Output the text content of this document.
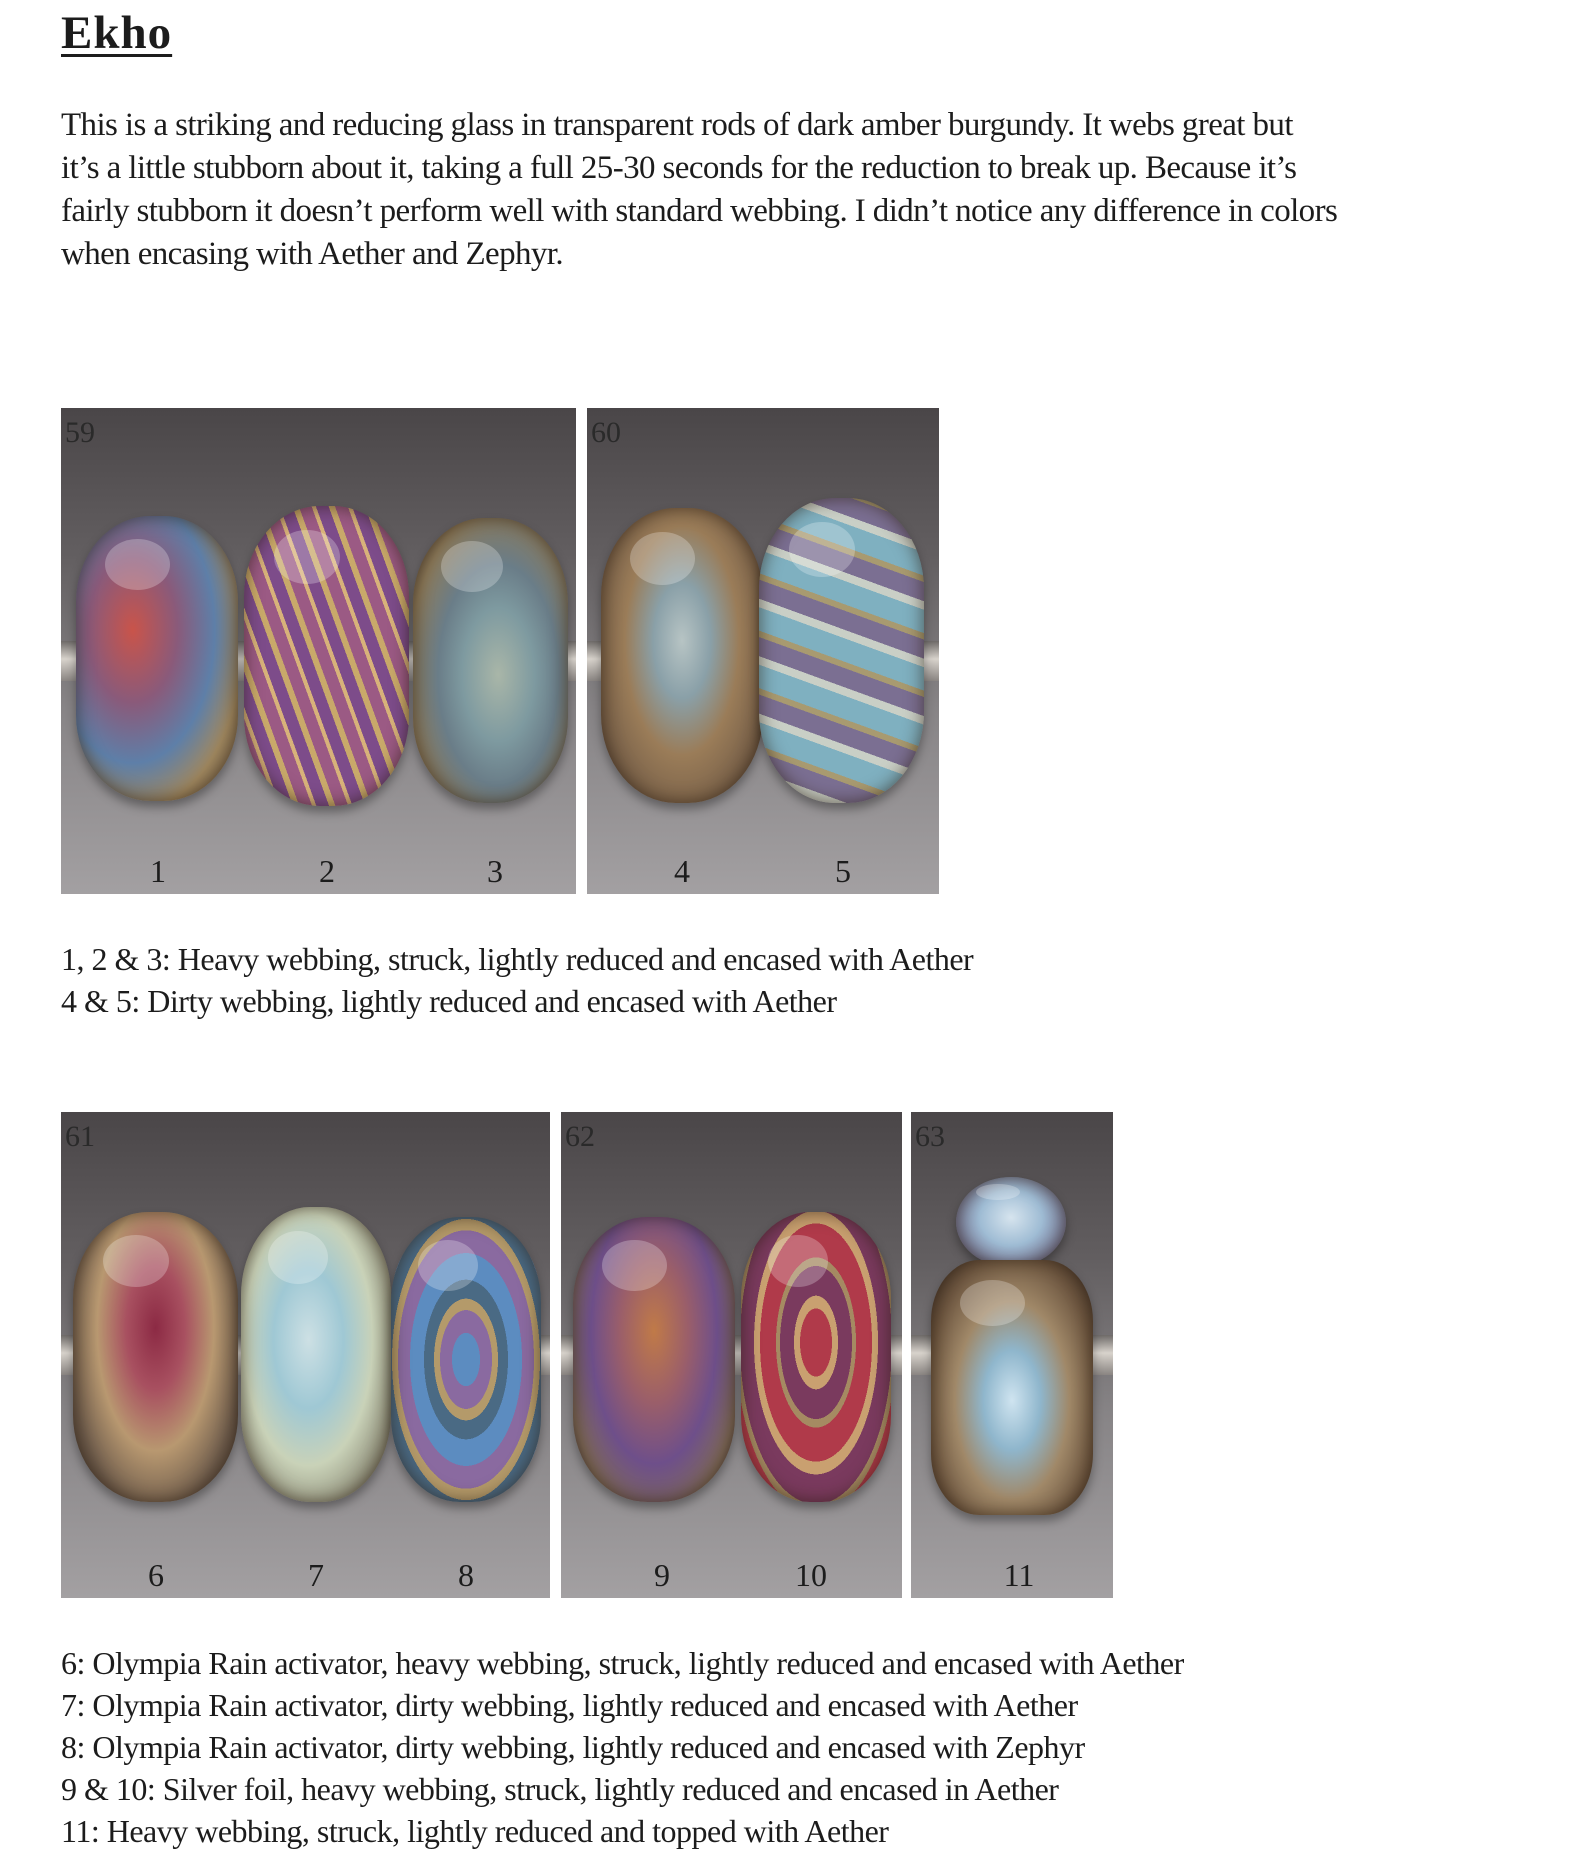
Ekho

This is a striking and reducing glass in transparent rods of dark amber burgundy. It webs great but
it’s a little stubborn about it, taking a full 25-30 seconds for the reduction to break up. Because it’s
fairly stubborn it doesn’t perform well with standard webbing. I didn’t notice any difference in colors
when encasing with Aether and Zephyr.

59
1	2	3
60
4	5

1, 2 & 3: Heavy webbing, struck, lightly reduced and encased with Aether
4 & 5: Dirty webbing, lightly reduced and encased with Aether

61
6	7	8
62
9	10
63
11

6: Olympia Rain activator, heavy webbing, struck, lightly reduced and encased with Aether
7: Olympia Rain activator, dirty webbing, lightly reduced and encased with Aether
8: Olympia Rain activator, dirty webbing, lightly reduced and encased with Zephyr
9 & 10: Silver foil, heavy webbing, struck, lightly reduced and encased in Aether
11: Heavy webbing, struck, lightly reduced and topped with Aether
